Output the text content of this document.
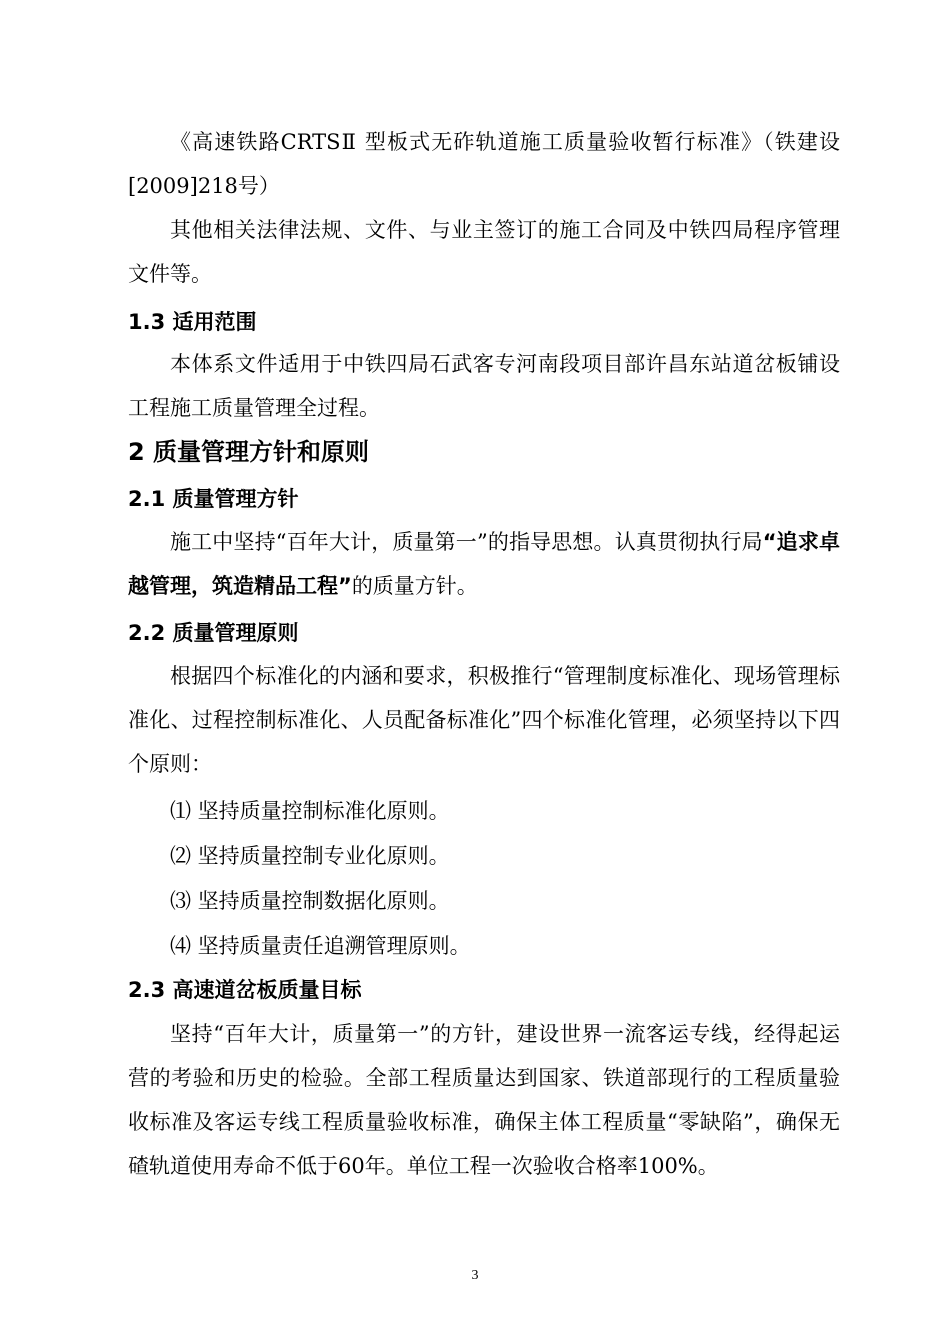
《高速铁路CRTSⅡ 型板式无砟轨道施工质量验收暂行标准》（铁建设[2009]218号）

其他相关法律法规、文件、与业主签订的施工合同及中铁四局程序管理文件等。

1.3 适用范围

本体系文件适用于中铁四局石武客专河南段项目部许昌东站道岔板铺设工程施工质量管理全过程。

2 质量管理方针和原则
2.1 质量管理方针

施工中坚持“百年大计，质量第一”的指导思想。认真贯彻执行局“追求卓越管理，筑造精品工程”的质量方针。

2.2 质量管理原则

根据四个标准化的内涵和要求，积极推行“管理制度标准化、现场管理标准化、过程控制标准化、人员配备标准化”四个标准化管理，必须坚持以下四个原则：

⑴ 坚持质量控制标准化原则。
⑵ 坚持质量控制专业化原则。
⑶ 坚持质量控制数据化原则。
⑷ 坚持质量责任追溯管理原则。
2.3 高速道岔板质量目标

坚持“百年大计，质量第一”的方针，建设世界一流客运专线，经得起运营的考验和历史的检验。全部工程质量达到国家、铁道部现行的工程质量验收标准及客运专线工程质量验收标准，确保主体工程质量“零缺陷”，确保无碴轨道使用寿命不低于60年。单位工程一次验收合格率100%。

3
